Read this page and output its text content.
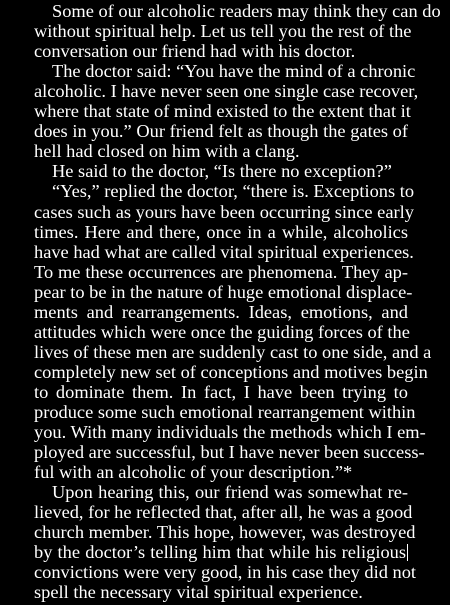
Some of our alcoholic readers may think they can do
without spiritual help. Let us tell you the rest of the
conversation our friend had with his doctor.
The doctor said: “You have the mind of a chronic
alcoholic. I have never seen one single case recover,
where that state of mind existed to the extent that it
does in you.” Our friend felt as though the gates of
hell had closed on him with a clang.
He said to the doctor, “Is there no exception?”
“Yes,” replied the doctor, “there is. Exceptions to
cases such as yours have been occurring since early
times. Here and there, once in a while, alcoholics
have had what are called vital spiritual experiences.
To me these occurrences are phenomena. They ap-
pear to be in the nature of huge emotional displace-
ments and rearrangements. Ideas, emotions, and
attitudes which were once the guiding forces of the
lives of these men are suddenly cast to one side, and a
completely new set of conceptions and motives begin
to dominate them. In fact, I have been trying to
produce some such emotional rearrangement within
you. With many individuals the methods which I em-
ployed are successful, but I have never been success-
ful with an alcoholic of your description.”*
Upon hearing this, our friend was somewhat re-
lieved, for he reflected that, after all, he was a good
church member. This hope, however, was destroyed
by the doctor’s telling him that while his religious
convictions were very good, in his case they did not
spell the necessary vital spiritual experience.
